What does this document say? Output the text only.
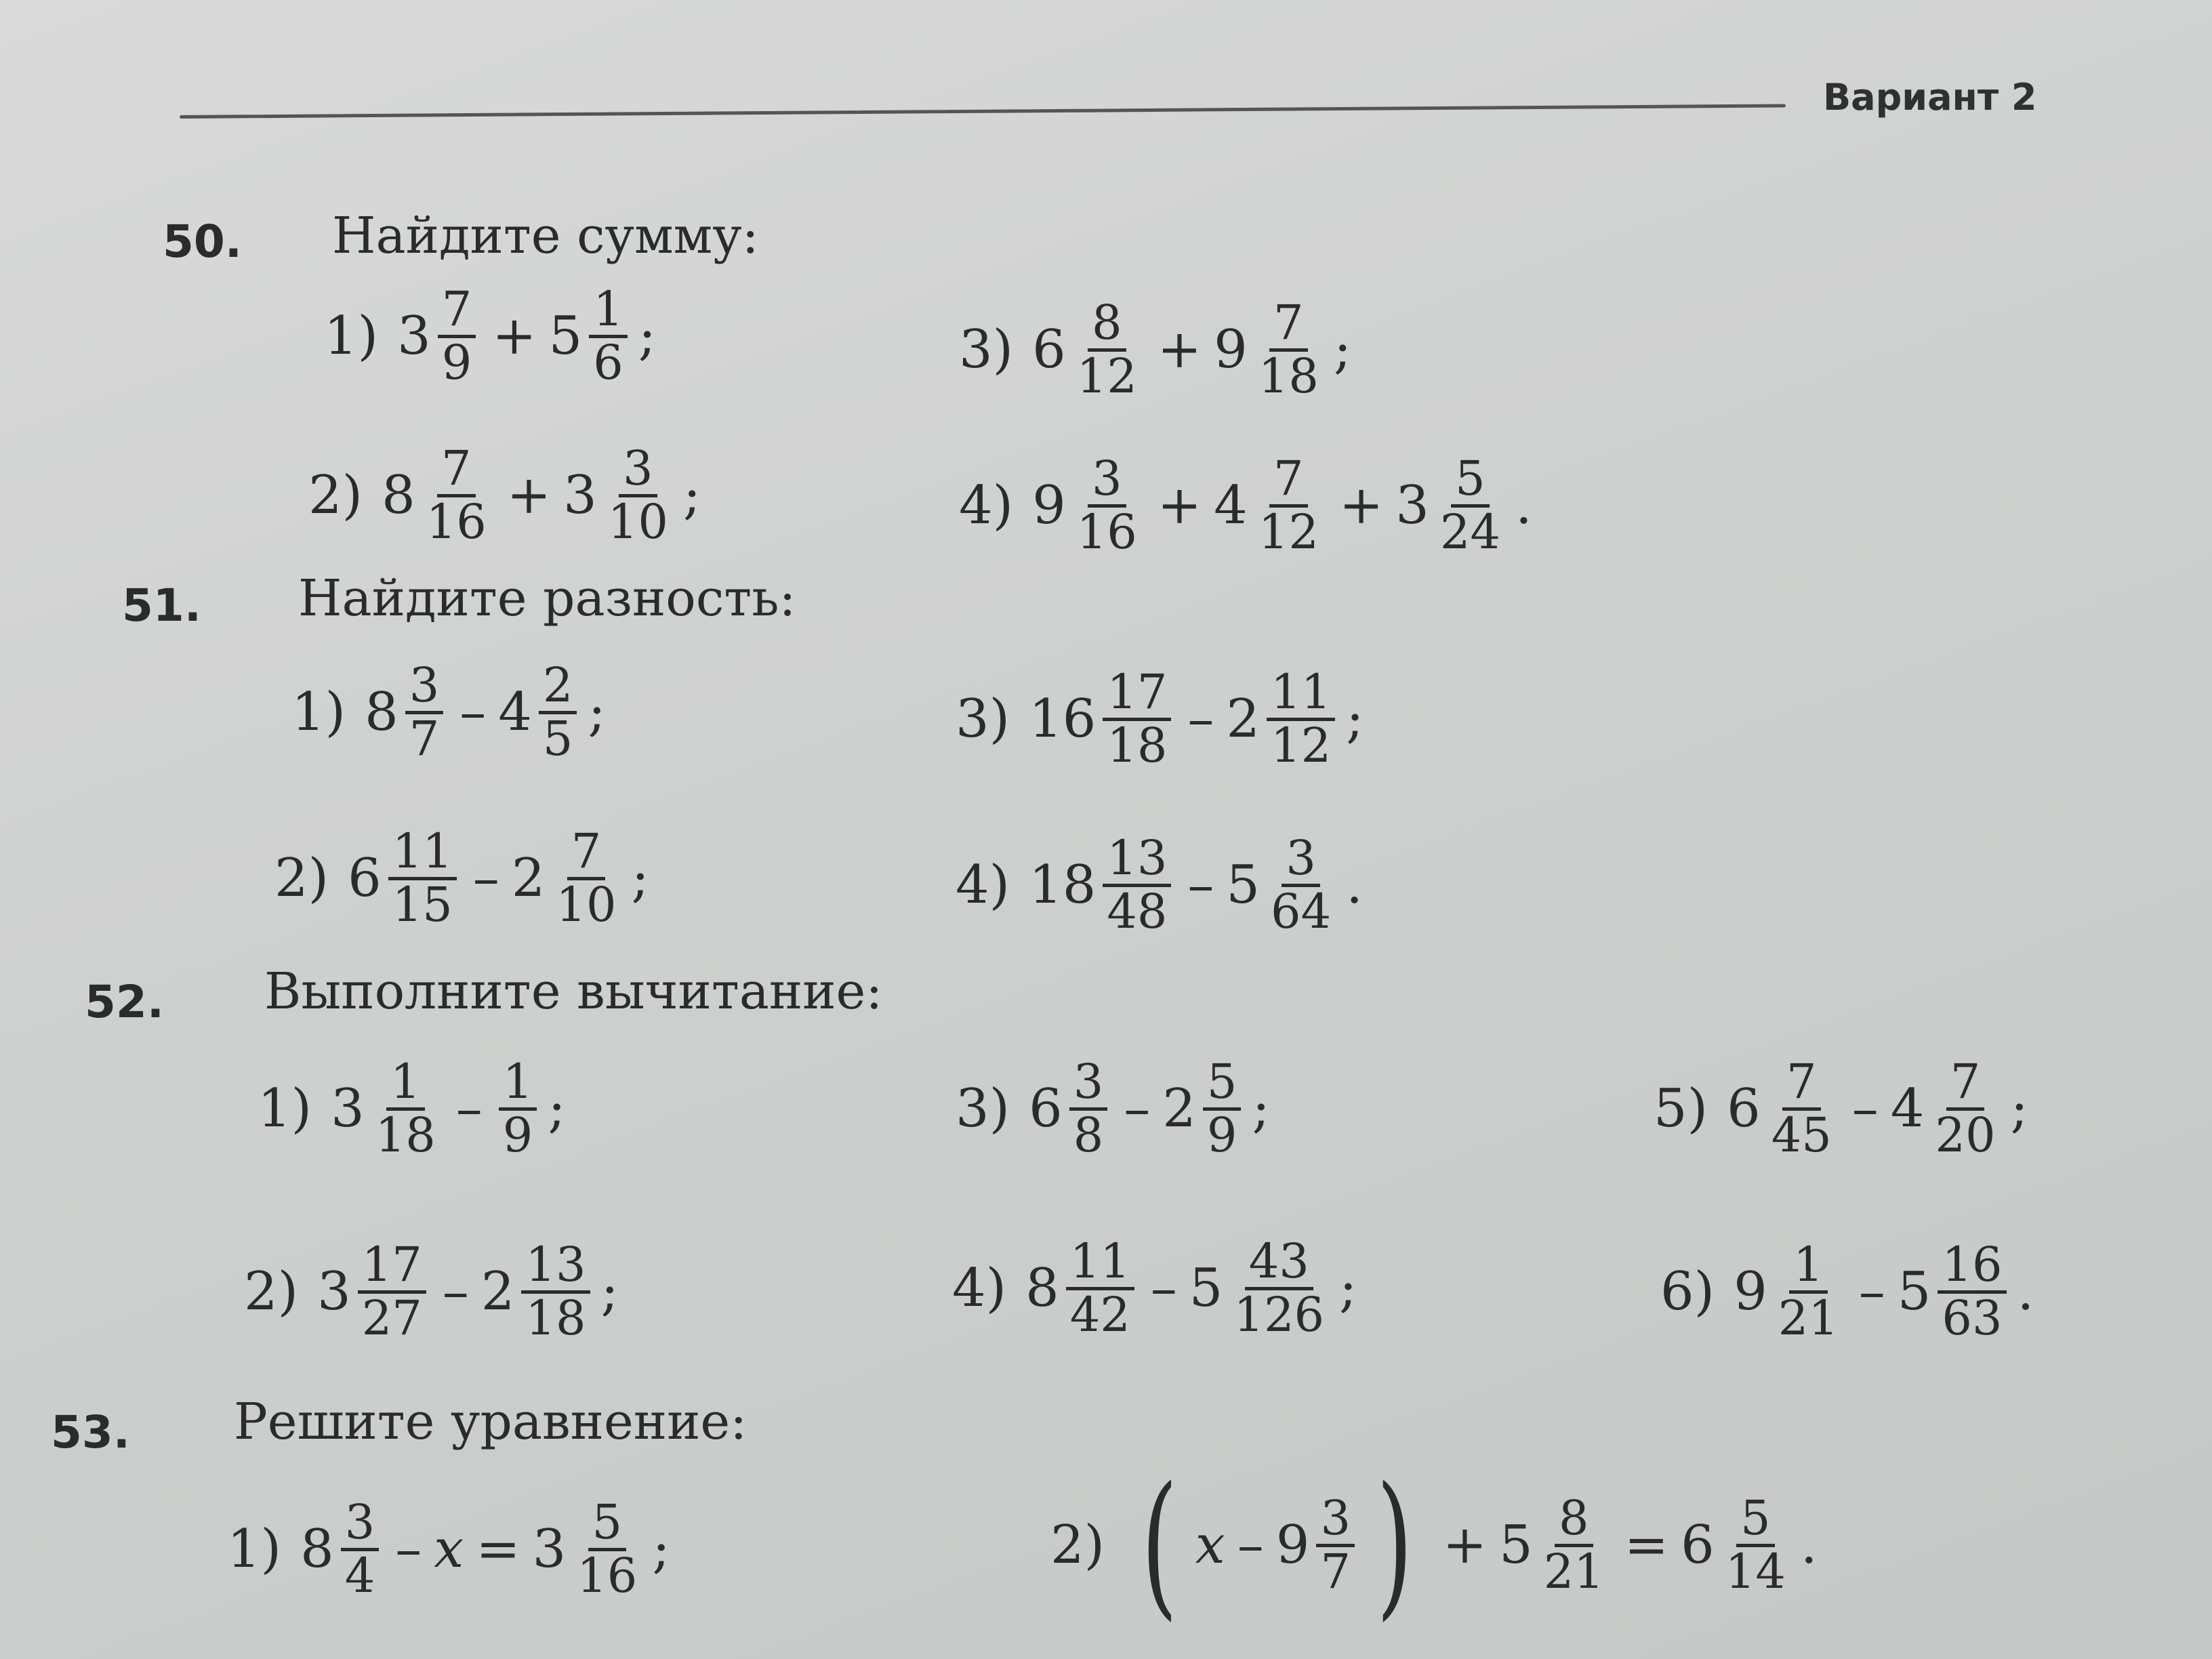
Вариант 2
50. Найдите сумму:
1) $3 \frac{7}{9} + 5 \frac{1}{6}$ ;
2) $8 \frac{7}{16} + 3 \frac{3}{10}$ ;
3) $6 \frac{8}{12} + 9 \frac{7}{18}$ ;
4) $9 \frac{3}{16} + 4 \frac{7}{12} + 3 \frac{5}{24}$ .
51. Найдите разность:
1) $8 \frac{3}{7} - 4 \frac{2}{5}$ ;
2) $6 \frac{11}{15} - 2 \frac{7}{10}$ ;
3) $16 \frac{17}{18} - 2 \frac{11}{12}$ ;
4) $18 \frac{13}{48} - 5 \frac{3}{64}$ .
52. Выполните вычитание:
1) $3 \frac{1}{18} - \frac{1}{9}$ ;
2) $3 \frac{17}{27} - 2 \frac{13}{18}$ ;
3) $6 \frac{3}{8} - 2 \frac{5}{9}$ ;
4) $8 \frac{11}{42} - 5 \frac{43}{126}$ ;
5) $6 \frac{7}{45} - 4 \frac{7}{20}$ ;
6) $9 \frac{1}{21} - 5 \frac{16}{63}$ .
53. Решите уравнение:
1) $8 \frac{3}{4} - x = 3 \frac{5}{16}$ ;	2) ( x – $9 \frac{3}{7}$ ) + $5 \frac{8}{21} = 6 \frac{5}{14}$ .
